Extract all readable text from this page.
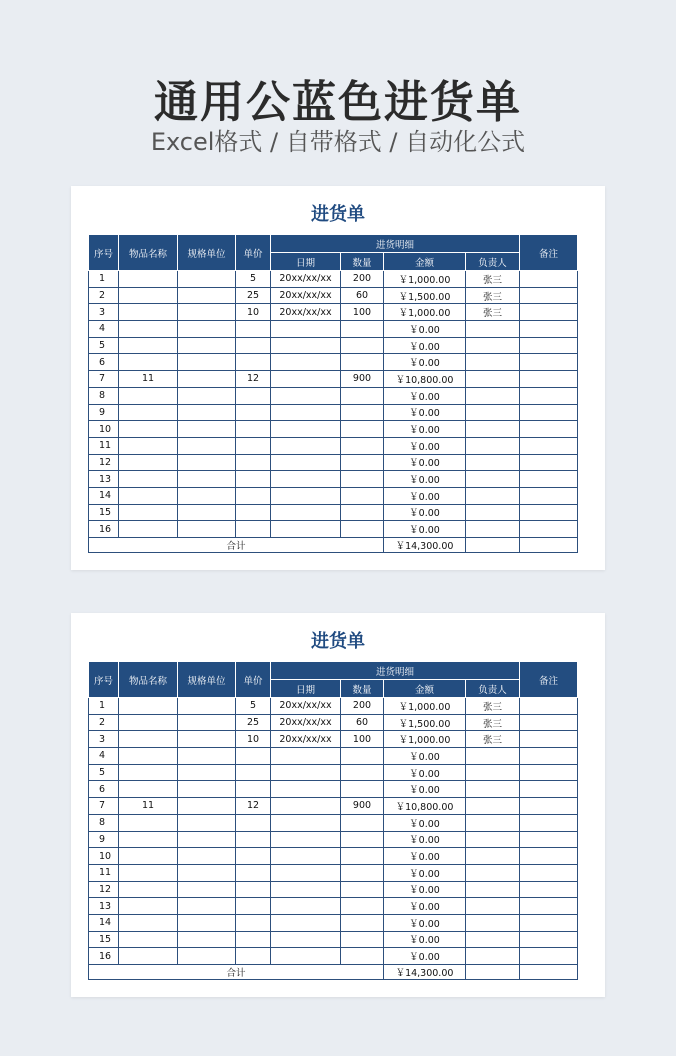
通用公蓝色进货单
Excel格式 / 自带格式 / 自动化公式
进货单
序号	物品名称	规格单位	单价	进货明细				备注
				日期	数量	金额	负责人	
1			5	20xx/xx/xx	200	￥1,000.00	张三	
2			25	20xx/xx/xx	60	￥1,500.00	张三	
3			10	20xx/xx/xx	100	￥1,000.00	张三	
4						￥0.00		
5						￥0.00		
6						￥0.00		
7	11		12		900	￥10,800.00		
8						￥0.00		
9						￥0.00		
10						￥0.00		
11						￥0.00		
12						￥0.00		
13						￥0.00		
14						￥0.00		
15						￥0.00		
16						￥0.00		
合计						￥14,300.00		
进货单
序号	物品名称	规格单位	单价	进货明细				备注
				日期	数量	金额	负责人	
1			5	20xx/xx/xx	200	￥1,000.00	张三	
2			25	20xx/xx/xx	60	￥1,500.00	张三	
3			10	20xx/xx/xx	100	￥1,000.00	张三	
4						￥0.00		
5						￥0.00		
6						￥0.00		
7	11		12		900	￥10,800.00		
8						￥0.00		
9						￥0.00		
10						￥0.00		
11						￥0.00		
12						￥0.00		
13						￥0.00		
14						￥0.00		
15						￥0.00		
16						￥0.00		
合计						￥14,300.00		
